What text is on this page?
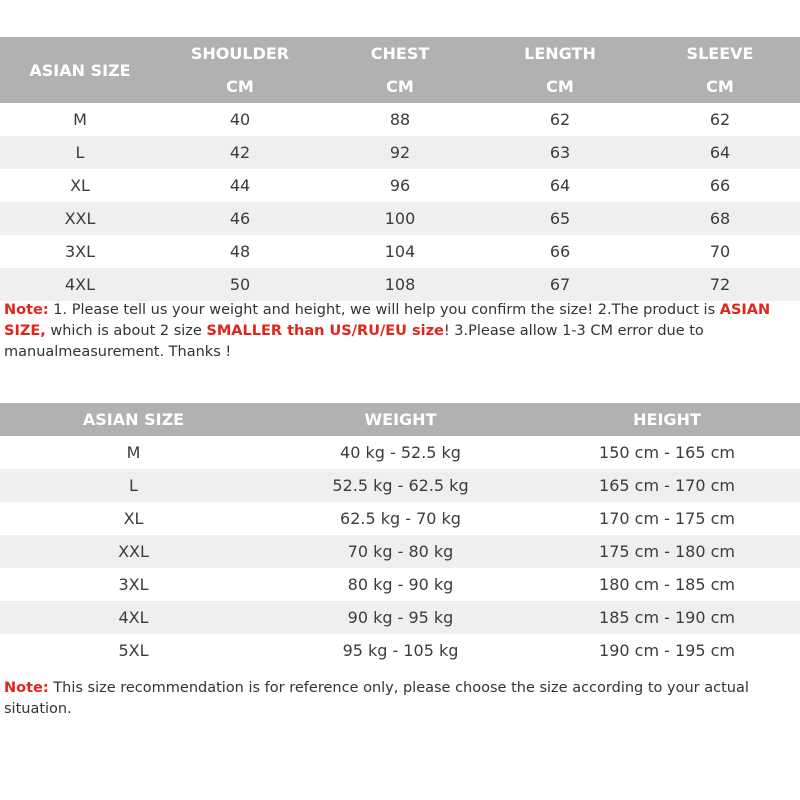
ASIAN SIZE	SHOULDER	CHEST	LENGTH	SLEEVE
	CM	CM	CM	CM
M	40	88	62	62
L	42	92	63	64
XL	44	96	64	66
XXL	46	100	65	68
3XL	48	104	66	70
4XL	50	108	67	72
Note: 1. Please tell us your weight and height, we will help you confirm the size! 2.The product is ASIAN SIZE, which is about 2 size SMALLER than US/RU/EU size! 3.Please allow 1-3 CM error due to manualmeasurement. Thanks !
ASIAN SIZE	WEIGHT	HEIGHT
M	40 kg - 52.5 kg	150 cm - 165 cm
L	52.5 kg - 62.5 kg	165 cm - 170 cm
XL	62.5 kg - 70 kg	170 cm - 175 cm
XXL	70 kg - 80 kg	175 cm - 180 cm
3XL	80 kg - 90 kg	180 cm - 185 cm
4XL	90 kg - 95 kg	185 cm - 190 cm
5XL	95 kg - 105 kg	190 cm - 195 cm
Note: This size recommendation is for reference only, please choose the size according to your actual situation.
